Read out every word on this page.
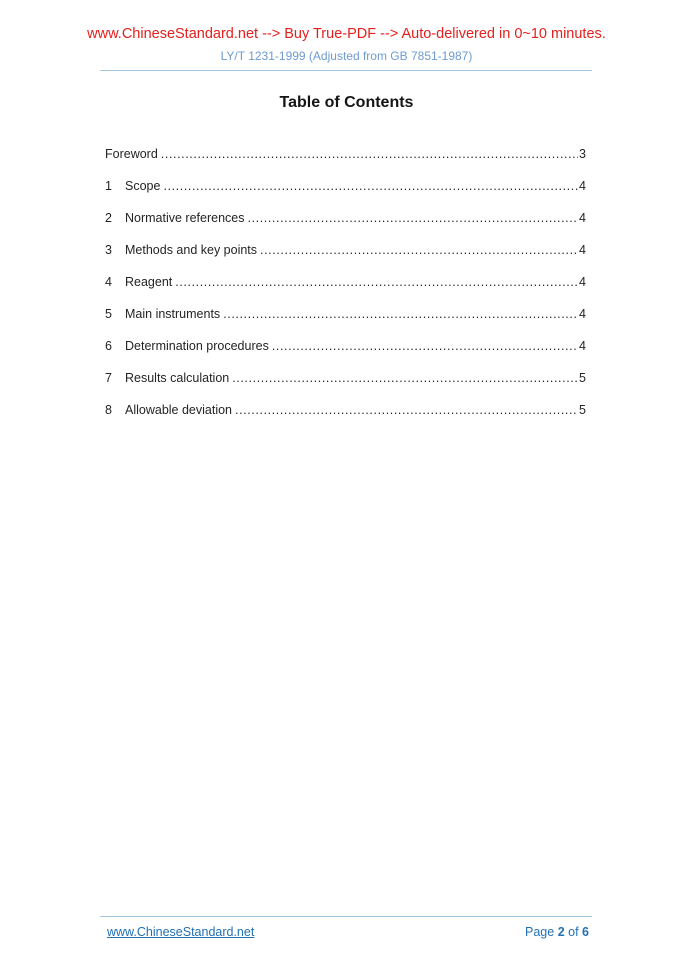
www.ChineseStandard.net --> Buy True-PDF --> Auto-delivered in 0~10 minutes.
LY/T 1231-1999 (Adjusted from GB 7851-1987)
Table of Contents
Foreword .....	3
1	Scope .....	4
2	Normative references .....	4
3	Methods and key points .....	4
4	Reagent .....	4
5	Main instruments .....	4
6	Determination procedures .....	4
7	Results calculation .....	5
8	Allowable deviation .....	5
www.ChineseStandard.net	Page 2 of 6
